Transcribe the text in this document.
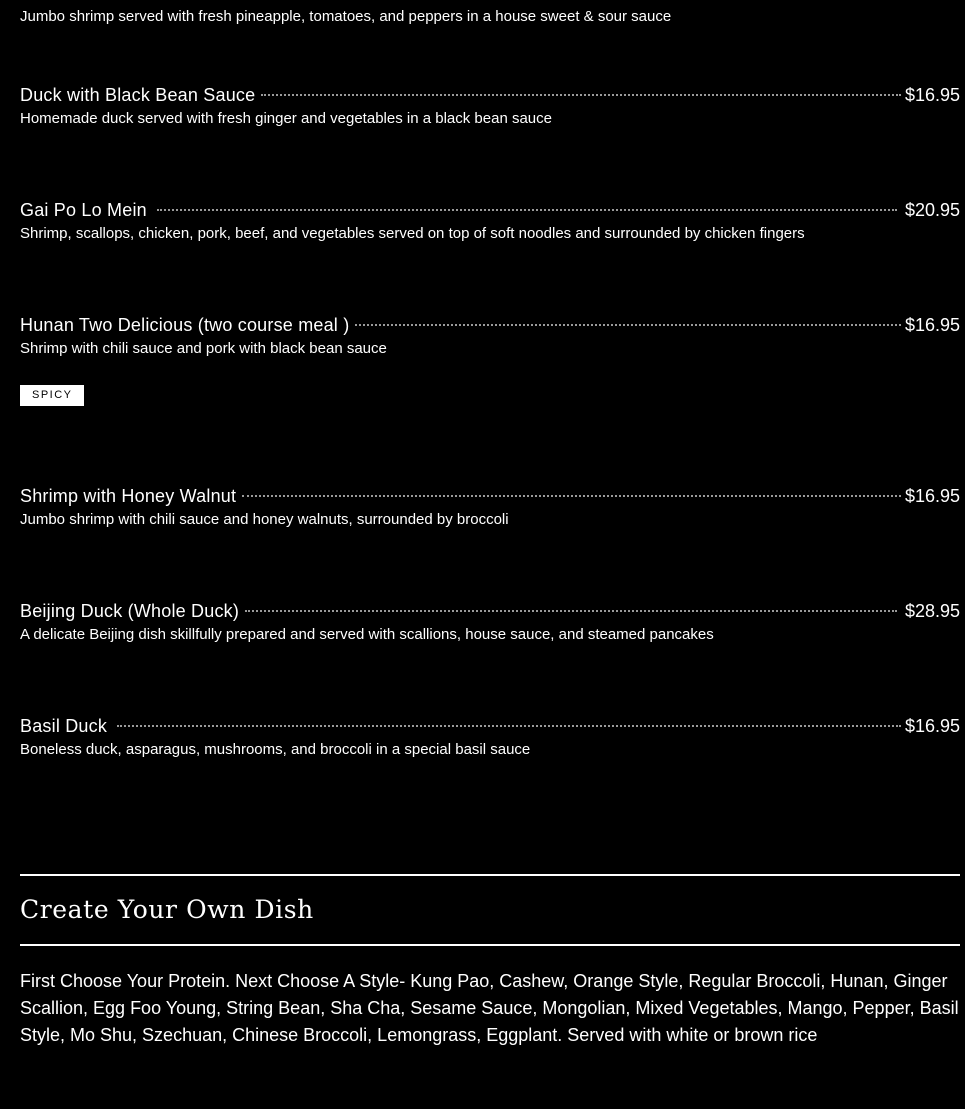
Jumbo shrimp served with fresh pineapple, tomatoes, and peppers in a house sweet & sour sauce
Duck with Black Bean Sauce	$16.95
Homemade duck served with fresh ginger and vegetables in a black bean sauce
Gai Po Lo Mein	$20.95
Shrimp, scallops, chicken, pork, beef, and vegetables served on top of soft noodles and surrounded by chicken fingers
Hunan Two Delicious (two course meal )	$16.95
Shrimp with chili sauce and pork with black bean sauce
SPICY
Shrimp with Honey Walnut	$16.95
Jumbo shrimp with chili sauce and honey walnuts, surrounded by broccoli
Beijing Duck (Whole Duck)	$28.95
A delicate Beijing dish skillfully prepared and served with scallions, house sauce, and steamed pancakes
Basil Duck	$16.95
Boneless duck, asparagus, mushrooms, and broccoli in a special basil sauce
Create Your Own Dish
First Choose Your Protein. Next Choose A Style- Kung Pao, Cashew, Orange Style, Regular Broccoli, Hunan, Ginger Scallion, Egg Foo Young, String Bean, Sha Cha, Sesame Sauce, Mongolian, Mixed Vegetables, Mango, Pepper, Basil Style, Mo Shu, Szechuan, Chinese Broccoli, Lemongrass, Eggplant. Served with white or brown rice
